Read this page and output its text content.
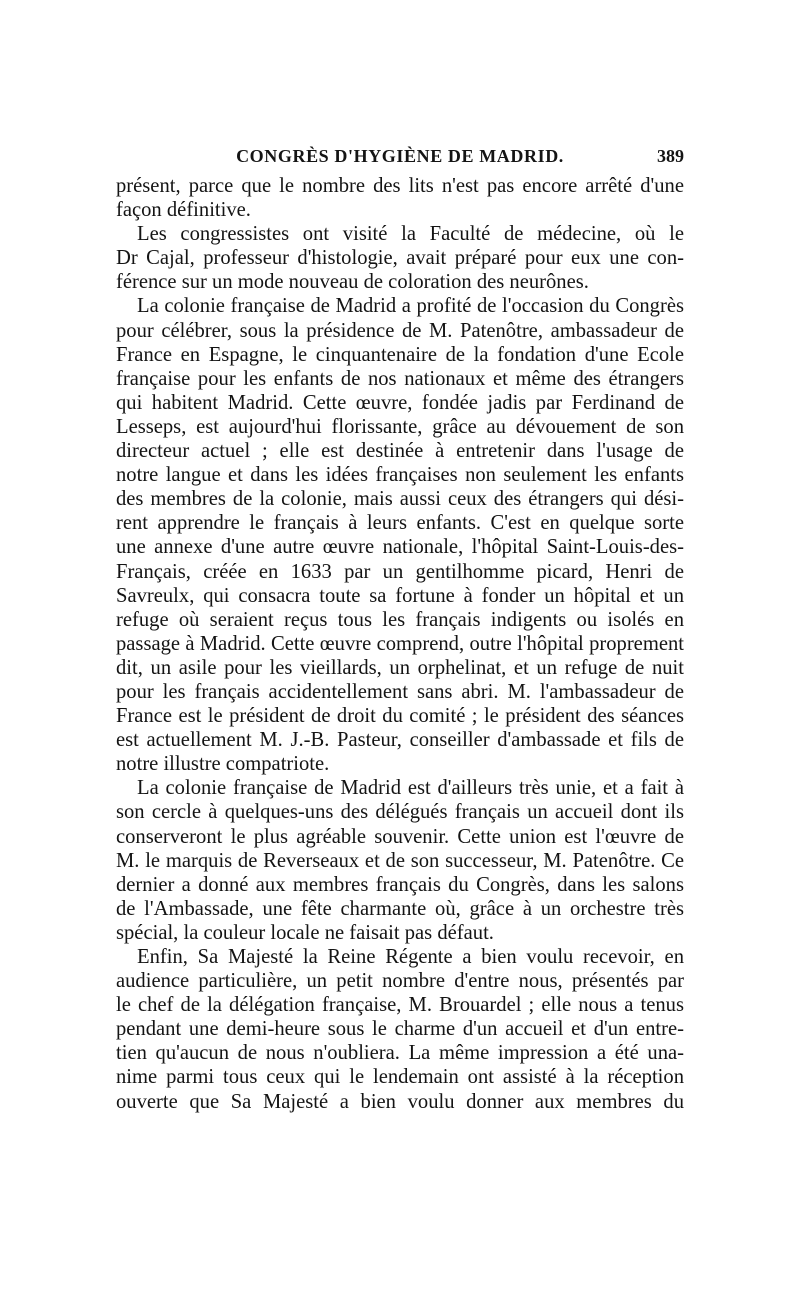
CONGRÈS D'HYGIÈNE DE MADRID.	389
présent, parce que le nombre des lits n'est pas encore arrêté d'une
façon définitive.
Les congressistes ont visité la Faculté de médecine, où le
Dr Cajal, professeur d'histologie, avait préparé pour eux une con-
férence sur un mode nouveau de coloration des neurônes.
La colonie française de Madrid a profité de l'occasion du Congrès
pour célébrer, sous la présidence de M. Patenôtre, ambassadeur de
France en Espagne, le cinquantenaire de la fondation d'une Ecole
française pour les enfants de nos nationaux et même des étrangers
qui habitent Madrid. Cette œuvre, fondée jadis par Ferdinand de
Lesseps, est aujourd'hui florissante, grâce au dévouement de son
directeur actuel ; elle est destinée à entretenir dans l'usage de
notre langue et dans les idées françaises non seulement les enfants
des membres de la colonie, mais aussi ceux des étrangers qui dési-
rent apprendre le français à leurs enfants. C'est en quelque sorte
une annexe d'une autre œuvre nationale, l'hôpital Saint-Louis-des-
Français, créée en 1633 par un gentilhomme picard, Henri de
Savreulx, qui consacra toute sa fortune à fonder un hôpital et un
refuge où seraient reçus tous les français indigents ou isolés en
passage à Madrid. Cette œuvre comprend, outre l'hôpital proprement
dit, un asile pour les vieillards, un orphelinat, et un refuge de nuit
pour les français accidentellement sans abri. M. l'ambassadeur de
France est le président de droit du comité ; le président des séances
est actuellement M. J.-B. Pasteur, conseiller d'ambassade et fils de
notre illustre compatriote.
La colonie française de Madrid est d'ailleurs très unie, et a fait à
son cercle à quelques-uns des délégués français un accueil dont ils
conserveront le plus agréable souvenir. Cette union est l'œuvre de
M. le marquis de Reverseaux et de son successeur, M. Patenôtre. Ce
dernier a donné aux membres français du Congrès, dans les salons
de l'Ambassade, une fête charmante où, grâce à un orchestre très
spécial, la couleur locale ne faisait pas défaut.
Enfin, Sa Majesté la Reine Régente a bien voulu recevoir, en
audience particulière, un petit nombre d'entre nous, présentés par
le chef de la délégation française, M. Brouardel ; elle nous a tenus
pendant une demi-heure sous le charme d'un accueil et d'un entre-
tien qu'aucun de nous n'oubliera. La même impression a été una-
nime parmi tous ceux qui le lendemain ont assisté à la réception
ouverte que Sa Majesté a bien voulu donner aux membres du
